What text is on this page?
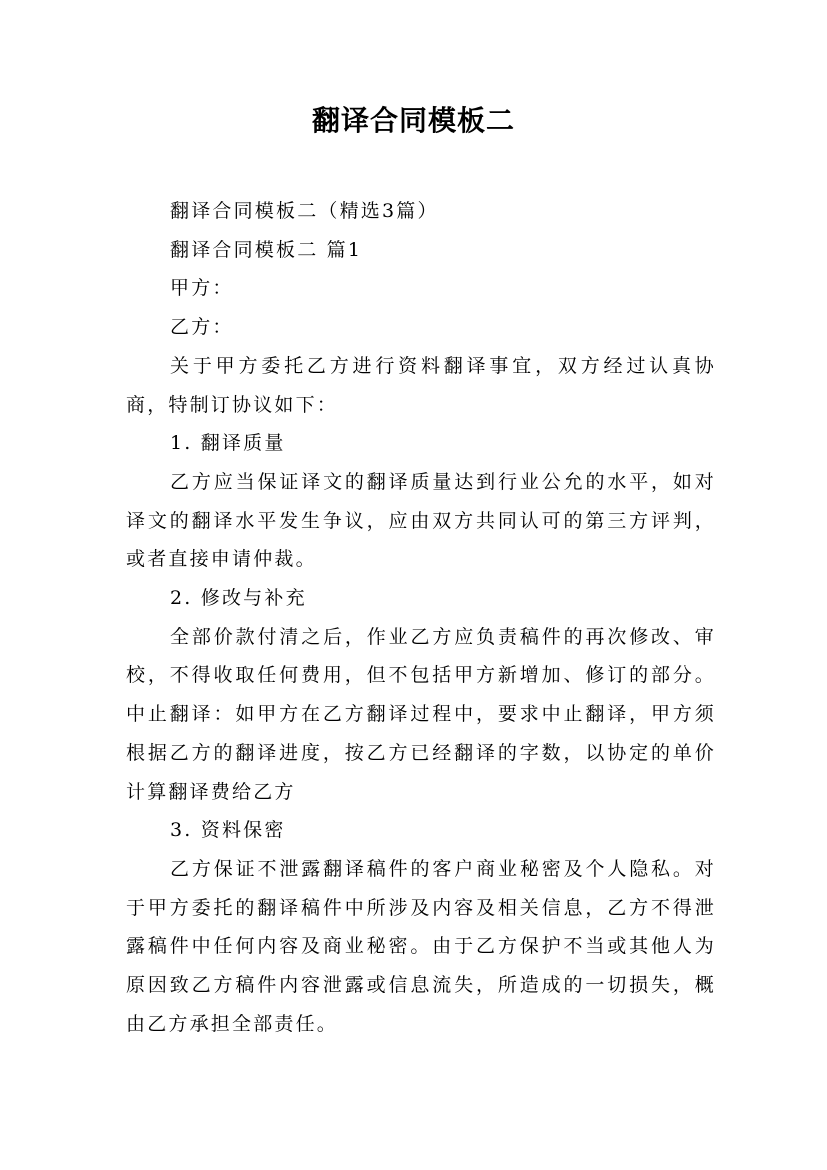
翻译合同模板二

翻译合同模板二（精选3篇）

翻译合同模板二 篇1

甲方：

乙方：

关于甲方委托乙方进行资料翻译事宜，双方经过认真协商，特制订协议如下：

1. 翻译质量

乙方应当保证译文的翻译质量达到行业公允的水平，如对译文的翻译水平发生争议，应由双方共同认可的第三方评判，或者直接申请仲裁。

2. 修改与补充

全部价款付清之后，作业乙方应负责稿件的再次修改、审校，不得收取任何费用，但不包括甲方新增加、修订的部分。 中止翻译：如甲方在乙方翻译过程中，要求中止翻译，甲方须根据乙方的翻译进度，按乙方已经翻译的字数，以协定的单价计算翻译费给乙方

3. 资料保密

乙方保证不泄露翻译稿件的客户商业秘密及个人隐私。对于甲方委托的翻译稿件中所涉及内容及相关信息，乙方不得泄露稿件中任何内容及商业秘密。由于乙方保护不当或其他人为原因致乙方稿件内容泄露或信息流失，所造成的一切损失，概由乙方承担全部责任。
